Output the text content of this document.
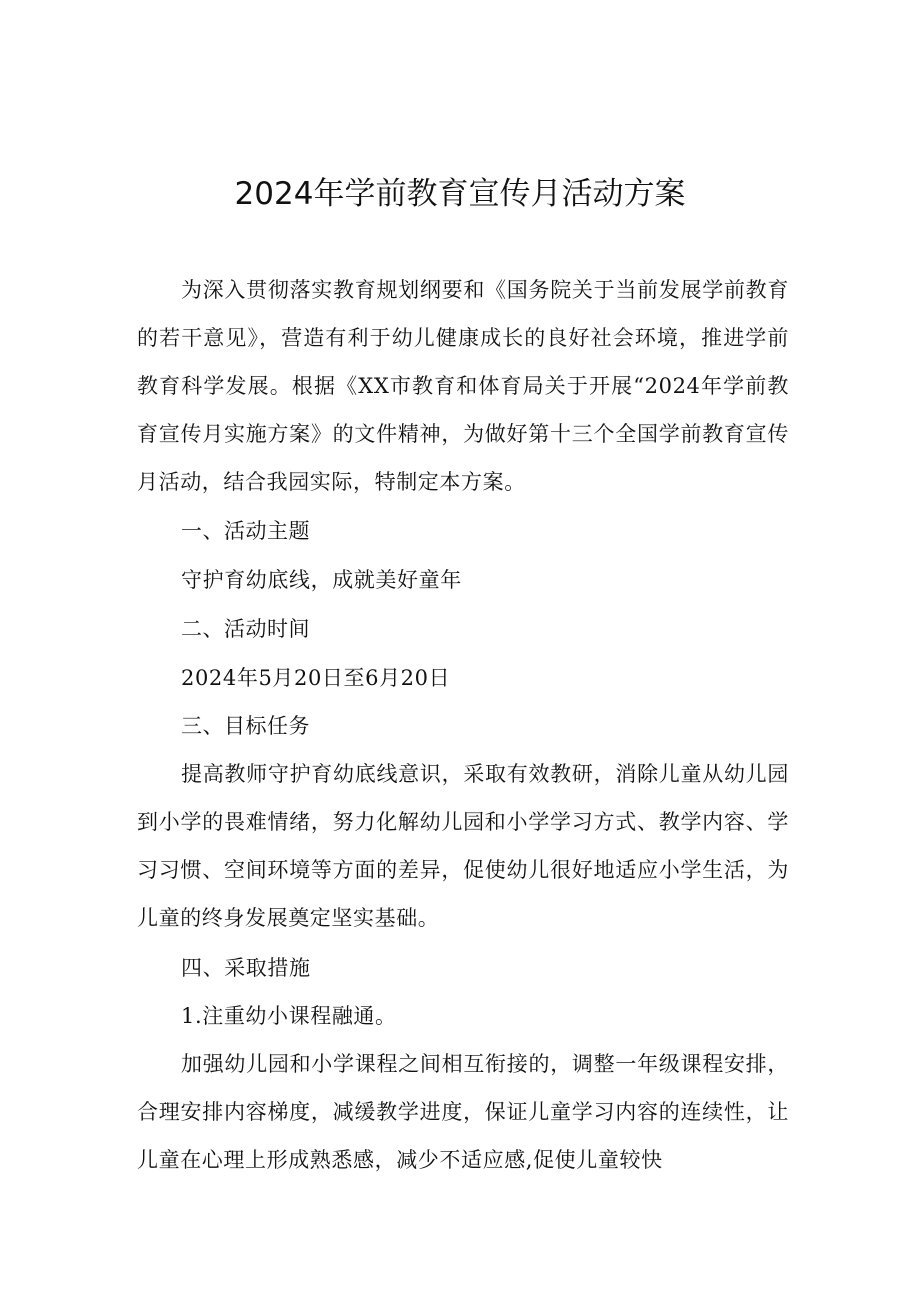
2024年学前教育宣传月活动方案

为深入贯彻落实教育规划纲要和《国务院关于当前发展学前教育的若干意见》，营造有利于幼儿健康成长的良好社会环境，推进学前教育科学发展。根据《XX市教育和体育局关于开展“2024年学前教育宣传月实施方案》的文件精神，为做好第十三个全国学前教育宣传月活动，结合我园实际，特制定本方案。

一、活动主题

守护育幼底线，成就美好童年

二、活动时间

2024年5月20日至6月20日

三、目标任务

提高教师守护育幼底线意识，采取有效教研，消除儿童从幼儿园到小学的畏难情绪，努力化解幼儿园和小学学习方式、教学内容、学习习惯、空间环境等方面的差异，促使幼儿很好地适应小学生活，为儿童的终身发展奠定坚实基础。

四、采取措施

1.注重幼小课程融通。

加强幼儿园和小学课程之间相互衔接的，调整一年级课程安排，合理安排内容梯度，减缓教学进度，保证儿童学习内容的连续性，让儿童在心理上形成熟悉感，减少不适应感,促使儿童较快
